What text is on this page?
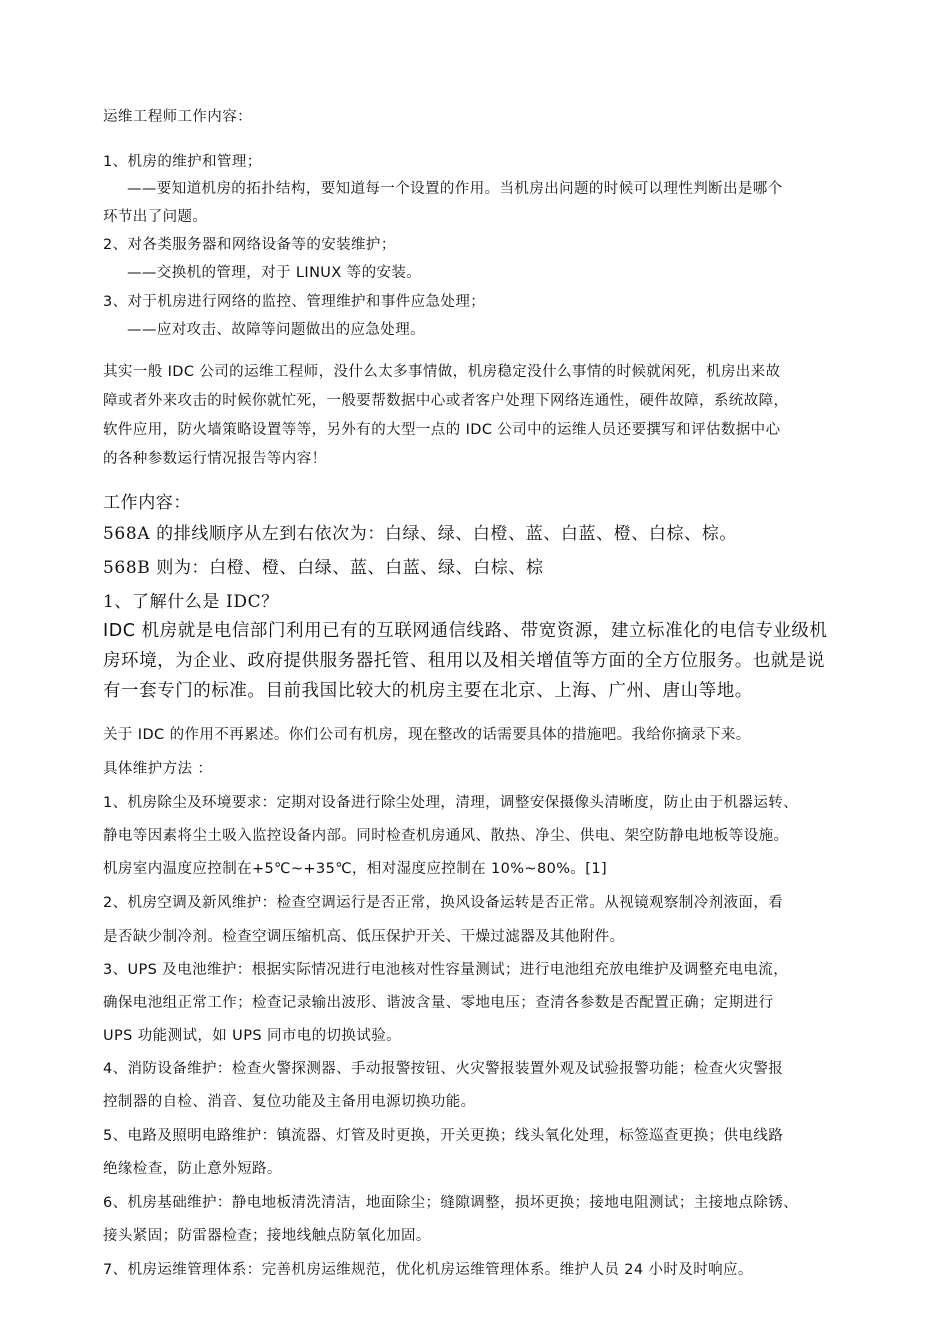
运维工程师工作内容：
1、机房的维护和管理；
——要知道机房的拓扑结构，要知道每一个设置的作用。当机房出问题的时候可以理性判断出是哪个
环节出了问题。
2、对各类服务器和网络设备等的安装维护；
——交换机的管理，对于 LINUX 等的安装。
3、对于机房进行网络的监控、管理维护和事件应急处理；
——应对攻击、故障等问题做出的应急处理。
其实一般 IDC 公司的运维工程师，没什么太多事情做，机房稳定没什么事情的时候就闲死，机房出来故
障或者外来攻击的时候你就忙死，一般要帮数据中心或者客户处理下网络连通性，硬件故障，系统故障，
软件应用，防火墙策略设置等等，另外有的大型一点的 IDC 公司中的运维人员还要撰写和评估数据中心
的各种参数运行情况报告等内容！
工作内容：
568A 的排线顺序从左到右依次为：白绿、绿、白橙、蓝、白蓝、橙、白棕、棕。
568B 则为：白橙、橙、白绿、蓝、白蓝、绿、白棕、棕
1、了解什么是 IDC？
IDC 机房就是电信部门利用已有的互联网通信线路、带宽资源，建立标准化的电信专业级机
房环境，为企业、政府提供服务器托管、租用以及相关增值等方面的全方位服务。也就是说
有一套专门的标准。目前我国比较大的机房主要在北京、上海、广州、唐山等地。
关于 IDC 的作用不再累述。你们公司有机房，现在整改的话需要具体的措施吧。我给你摘录下来。
具体维护方法 ：
1、机房除尘及环境要求：定期对设备进行除尘处理，清理，调整安保摄像头清晰度，防止由于机器运转、
静电等因素将尘土吸入监控设备内部。同时检查机房通风、散热、净尘、供电、架空防静电地板等设施。
机房室内温度应控制在+5℃~+35℃，相对湿度应控制在 10%~80%。[1]
2、机房空调及新风维护：检查空调运行是否正常，换风设备运转是否正常。从视镜观察制冷剂液面，看
是否缺少制冷剂。检查空调压缩机高、低压保护开关、干燥过滤器及其他附件。
3、UPS 及电池维护：根据实际情况进行电池核对性容量测试；进行电池组充放电维护及调整充电电流，
确保电池组正常工作；检查记录输出波形、谐波含量、零地电压；查清各参数是否配置正确；定期进行
UPS 功能测试，如 UPS 同市电的切换试验。
4、消防设备维护：检查火警探测器、手动报警按钮、火灾警报装置外观及试验报警功能；检查火灾警报
控制器的自检、消音、复位功能及主备用电源切换功能。
5、电路及照明电路维护：镇流器、灯管及时更换，开关更换；线头氧化处理，标签巡查更换；供电线路
绝缘检查，防止意外短路。
6、机房基础维护：静电地板清洗清洁，地面除尘；缝隙调整，损坏更换；接地电阻测试；主接地点除锈、
接头紧固；防雷器检查；接地线触点防氧化加固。
7、机房运维管理体系：完善机房运维规范，优化机房运维管理体系。维护人员 24 小时及时响应。
